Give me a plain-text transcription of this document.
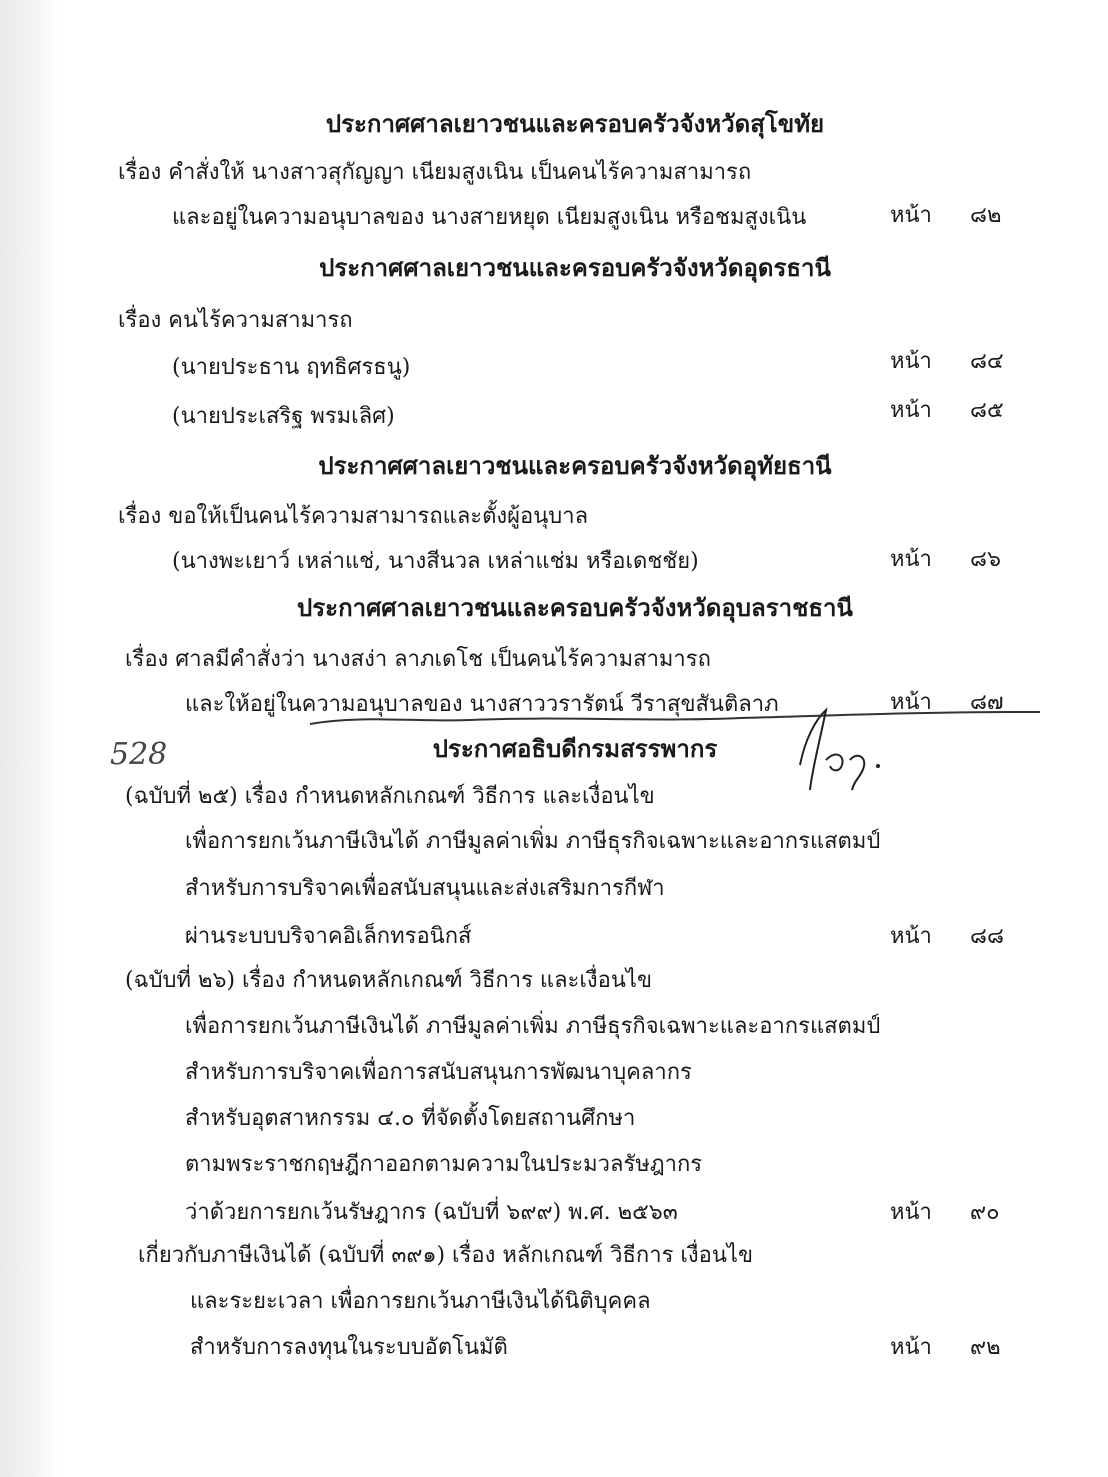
ประกาศศาลเยาวชนและครอบครัวจังหวัดสุโขทัย
เรื่อง คำสั่งให้ นางสาวสุกัญญา เนียมสูงเนิน เป็นคนไร้ความสามารถ
และอยู่ในความอนุบาลของ นางสายหยุด เนียมสูงเนิน หรือชมสูงเนิน	หน้า	๘๒
ประกาศศาลเยาวชนและครอบครัวจังหวัดอุดรธานี
เรื่อง คนไร้ความสามารถ
(นายประธาน ฤทธิศรธนู)	หน้า	๘๔
(นายประเสริฐ พรมเลิศ)	หน้า	๘๕
ประกาศศาลเยาวชนและครอบครัวจังหวัดอุทัยธานี
เรื่อง ขอให้เป็นคนไร้ความสามารถและตั้งผู้อนุบาล
(นางพะเยาว์ เหล่าแช่, นางสีนวล เหล่าแช่ม หรือเดชชัย)	หน้า	๘๖
ประกาศศาลเยาวชนและครอบครัวจังหวัดอุบลราชธานี
เรื่อง ศาลมีคำสั่งว่า นางสง่า ลาภเดโช เป็นคนไร้ความสามารถ
และให้อยู่ในความอนุบาลของ นางสาววรารัตน์ วีราสุขสันติลาภ	หน้า	๘๗
528	ประกาศอธิบดีกรมสรรพากร
(ฉบับที่ ๒๕) เรื่อง กำหนดหลักเกณฑ์ วิธีการ และเงื่อนไข
เพื่อการยกเว้นภาษีเงินได้ ภาษีมูลค่าเพิ่ม ภาษีธุรกิจเฉพาะและอากรแสตมป์
สำหรับการบริจาคเพื่อสนับสนุนและส่งเสริมการกีฬา
ผ่านระบบบริจาคอิเล็กทรอนิกส์	หน้า	๘๘
(ฉบับที่ ๒๖) เรื่อง กำหนดหลักเกณฑ์ วิธีการ และเงื่อนไข
เพื่อการยกเว้นภาษีเงินได้ ภาษีมูลค่าเพิ่ม ภาษีธุรกิจเฉพาะและอากรแสตมป์
สำหรับการบริจาคเพื่อการสนับสนุนการพัฒนาบุคลากร
สำหรับอุตสาหกรรม ๔.๐ ที่จัดตั้งโดยสถานศึกษา
ตามพระราชกฤษฎีกาออกตามความในประมวลรัษฎากร
ว่าด้วยการยกเว้นรัษฎากร (ฉบับที่ ๖๙๙) พ.ศ. ๒๕๖๓	หน้า	๙๐
เกี่ยวกับภาษีเงินได้ (ฉบับที่ ๓๙๑) เรื่อง หลักเกณฑ์ วิธีการ เงื่อนไข
และระยะเวลา เพื่อการยกเว้นภาษีเงินได้นิติบุคคล
สำหรับการลงทุนในระบบอัตโนมัติ	หน้า	๙๒
